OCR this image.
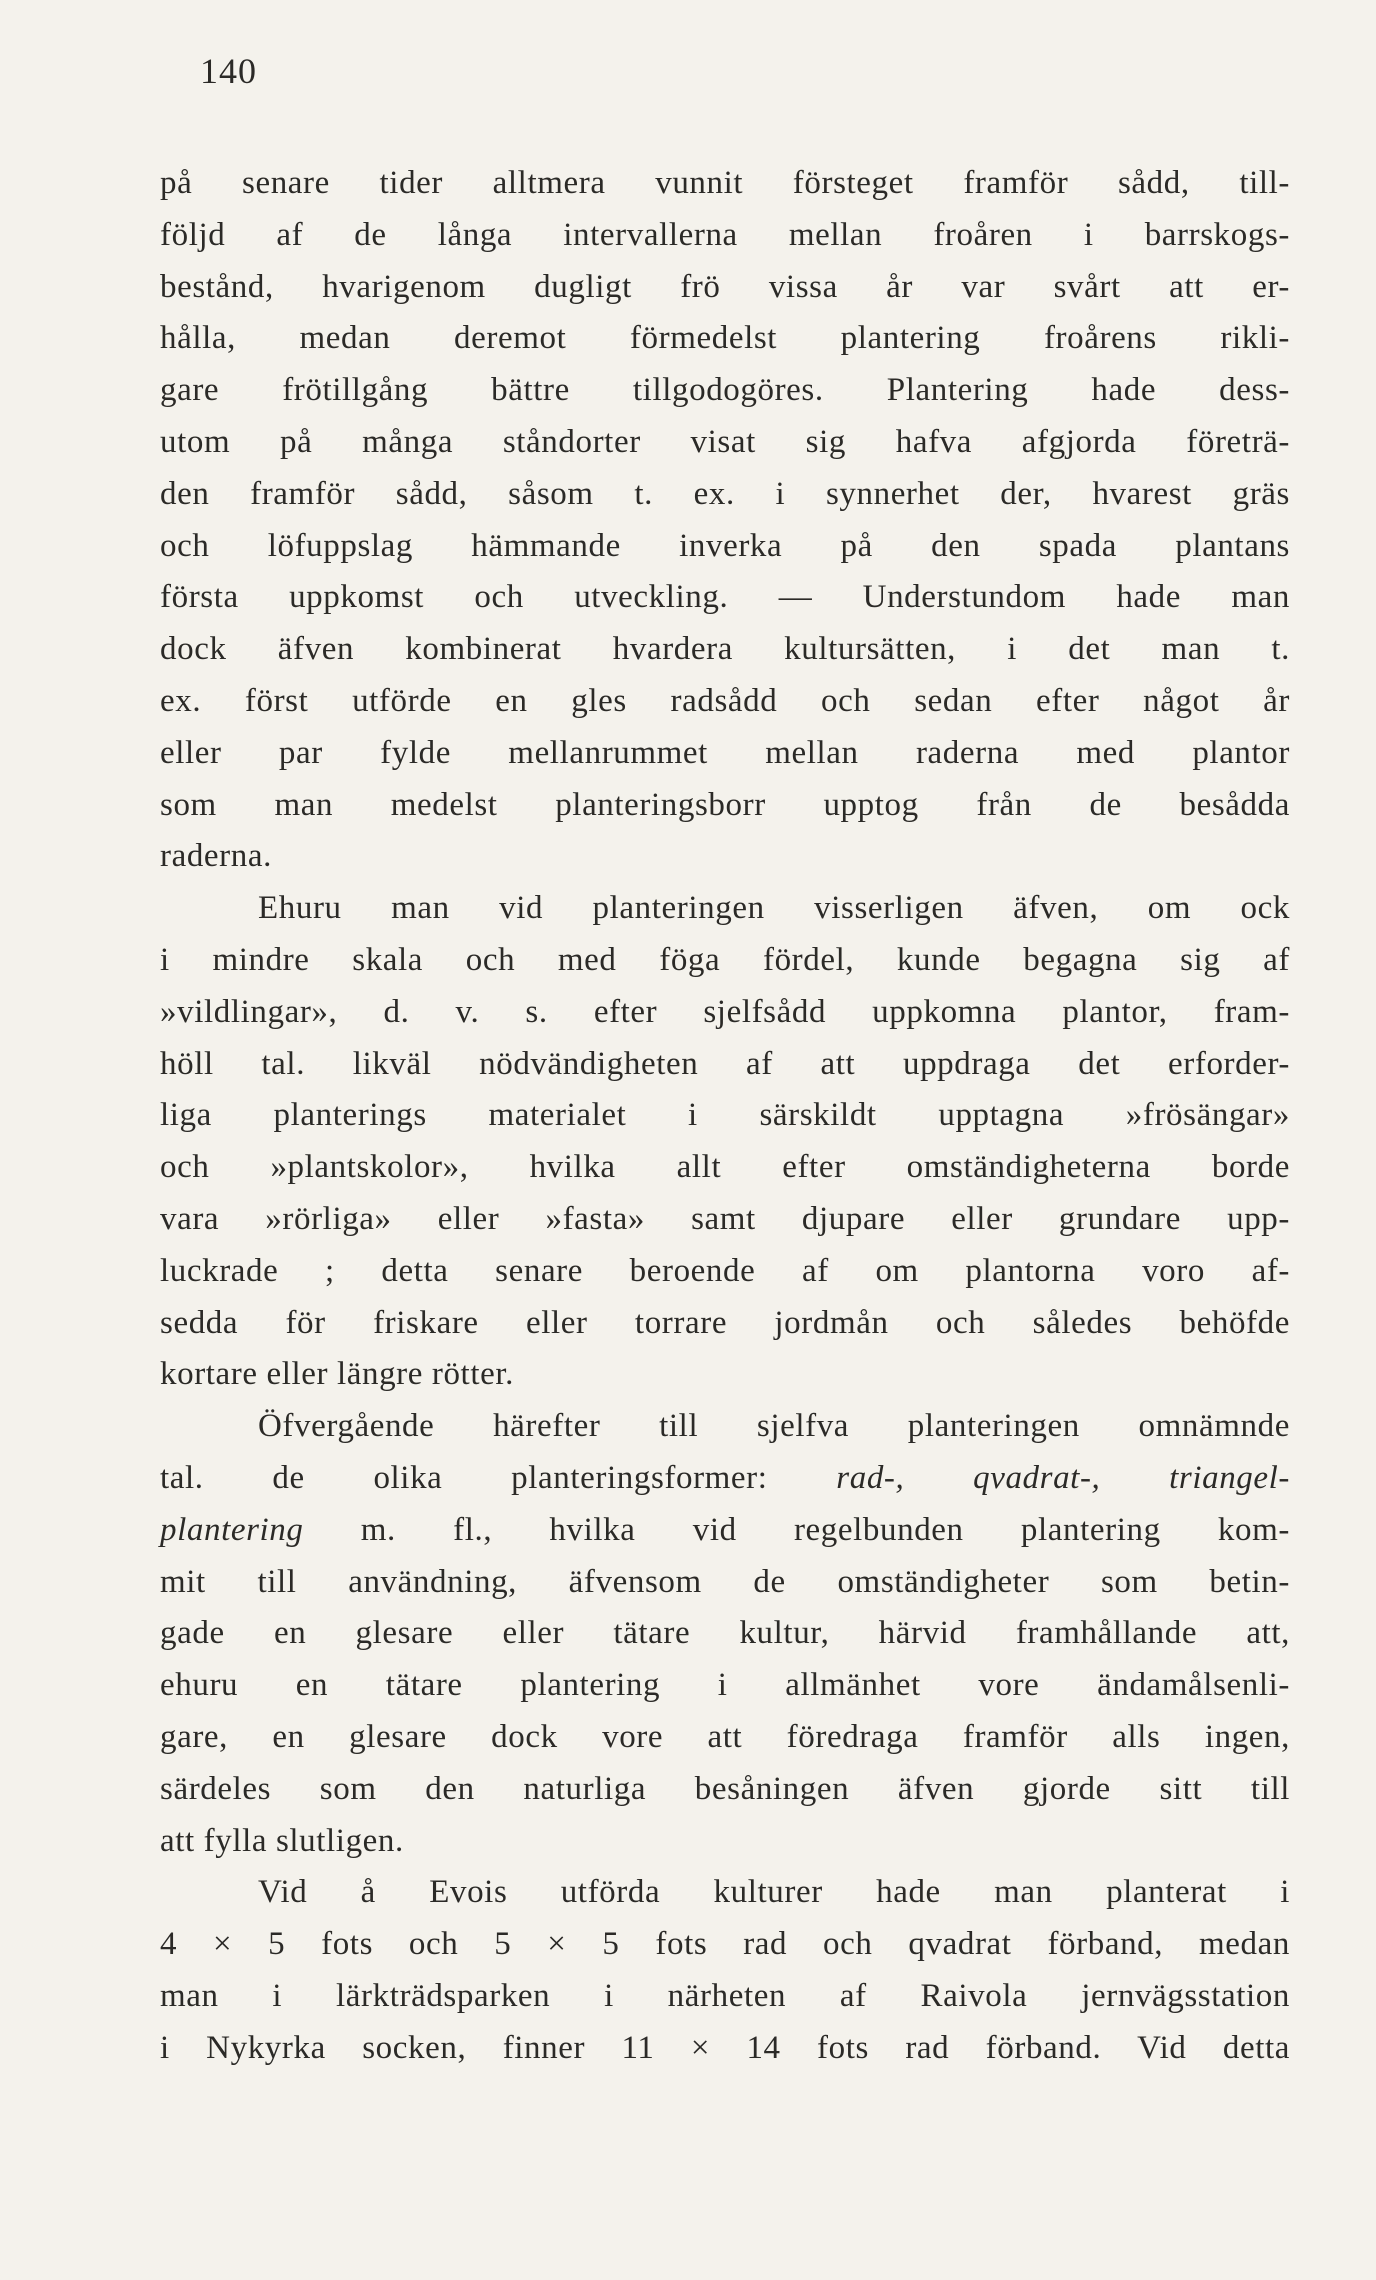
140
på senare tider alltmera vunnit försteget framför sådd, till-
följd af de långa intervallerna mellan froåren i barrskogs-
bestånd, hvarigenom dugligt frö vissa år var svårt att er-
hålla, medan deremot förmedelst plantering froårens rikli-
gare frötillgång bättre tillgodogöres. Plantering hade dess-
utom på många ståndorter visat sig hafva afgjorda företrä-
den framför sådd, såsom t. ex. i synnerhet der, hvarest gräs
och löfuppslag hämmande inverka på den spada plantans
första uppkomst och utveckling. — Understundom hade man
dock äfven kombinerat hvardera kultursätten, i det man t.
ex. först utförde en gles radsådd och sedan efter något år
eller par fylde mellanrummet mellan raderna med plantor
som man medelst planteringsborr upptog från de besådda
raderna.
Ehuru man vid planteringen visserligen äfven, om ock
i mindre skala och med föga fördel, kunde begagna sig af
»vildlingar», d. v. s. efter sjelfsådd uppkomna plantor, fram-
höll tal. likväl nödvändigheten af att uppdraga det erforder-
liga planterings materialet i särskildt upptagna »frösängar»
och »plantskolor», hvilka allt efter omständigheterna borde
vara »rörliga» eller »fasta» samt djupare eller grundare upp-
luckrade ; detta senare beroende af om plantorna voro af-
sedda för friskare eller torrare jordmån och således behöfde
kortare eller längre rötter.
Öfvergående härefter till sjelfva planteringen omnämnde
tal. de olika planteringsformer: rad-, qvadrat-, triangel-
plantering m. fl., hvilka vid regelbunden plantering kom-
mit till användning, äfvensom de omständigheter som betin-
gade en glesare eller tätare kultur, härvid framhållande att,
ehuru en tätare plantering i allmänhet vore ändamålsenli-
gare, en glesare dock vore att föredraga framför alls ingen,
särdeles som den naturliga besåningen äfven gjorde sitt till
att fylla slutligen.
Vid å Evois utförda kulturer hade man planterat i
4 × 5 fots och 5 × 5 fots rad och qvadrat förband, medan
man i lärkträdsparken i närheten af Raivola jernvägsstation
i Nykyrka socken, finner 11 × 14 fots rad förband. Vid detta
